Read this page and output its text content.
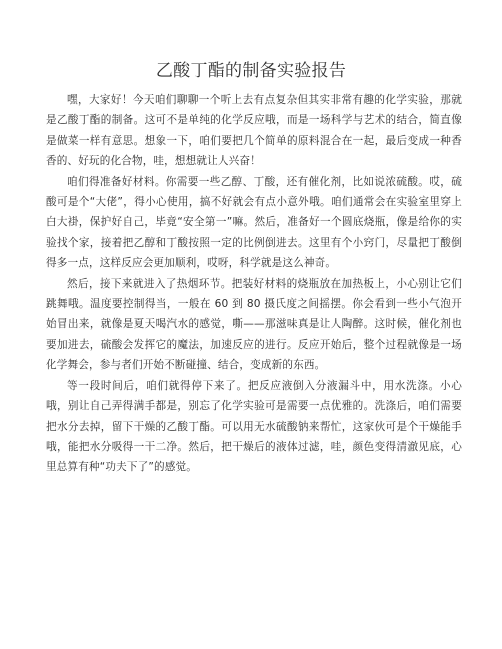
乙酸丁酯的制备实验报告

嘿，大家好！今天咱们聊聊一个听上去有点复杂但其实非常有趣的化学实验，那就是乙酸丁酯的制备。这可不是单纯的化学反应哦，而是一场科学与艺术的结合，简直像是做菜一样有意思。想象一下，咱们要把几个简单的原料混合在一起，最后变成一种香香的、好玩的化合物，哇，想想就让人兴奋！

咱们得准备好材料。你需要一些乙醇、丁酸，还有催化剂，比如说浓硫酸。哎，硫酸可是个“大佬”，得小心使用，搞不好就会有点小意外哦。咱们通常会在实验室里穿上白大褂，保护好自己，毕竟“安全第一”嘛。然后，准备好一个圆底烧瓶，像是给你的实验找个家，接着把乙醇和丁酸按照一定的比例倒进去。这里有个小窍门，尽量把丁酸倒得多一点，这样反应会更加顺利，哎呀，科学就是这么神奇。

然后，接下来就进入了热烟环节。把装好材料的烧瓶放在加热板上，小心别让它们跳舞哦。温度要控制得当，一般在 60 到 80 摄氏度之间摇摆。你会看到一些小气泡开始冒出来，就像是夏天喝汽水的感觉，嘶——那滋味真是让人陶醉。这时候，催化剂也要加进去，硫酸会发挥它的魔法，加速反应的进行。反应开始后，整个过程就像是一场化学舞会，参与者们开始不断碰撞、结合，变成新的东西。

等一段时间后，咱们就得停下来了。把反应液倒入分液漏斗中，用水洗涤。小心哦，别让自己弄得满手都是，别忘了化学实验可是需要一点优雅的。洗涤后，咱们需要把水分去掉，留下干燥的乙酸丁酯。可以用无水硫酸钠来帮忙，这家伙可是个干燥能手哦，能把水分吸得一干二净。然后，把干燥后的液体过滤，哇，颜色变得清澈见底，心里总算有种“功夫下了”的感觉。
